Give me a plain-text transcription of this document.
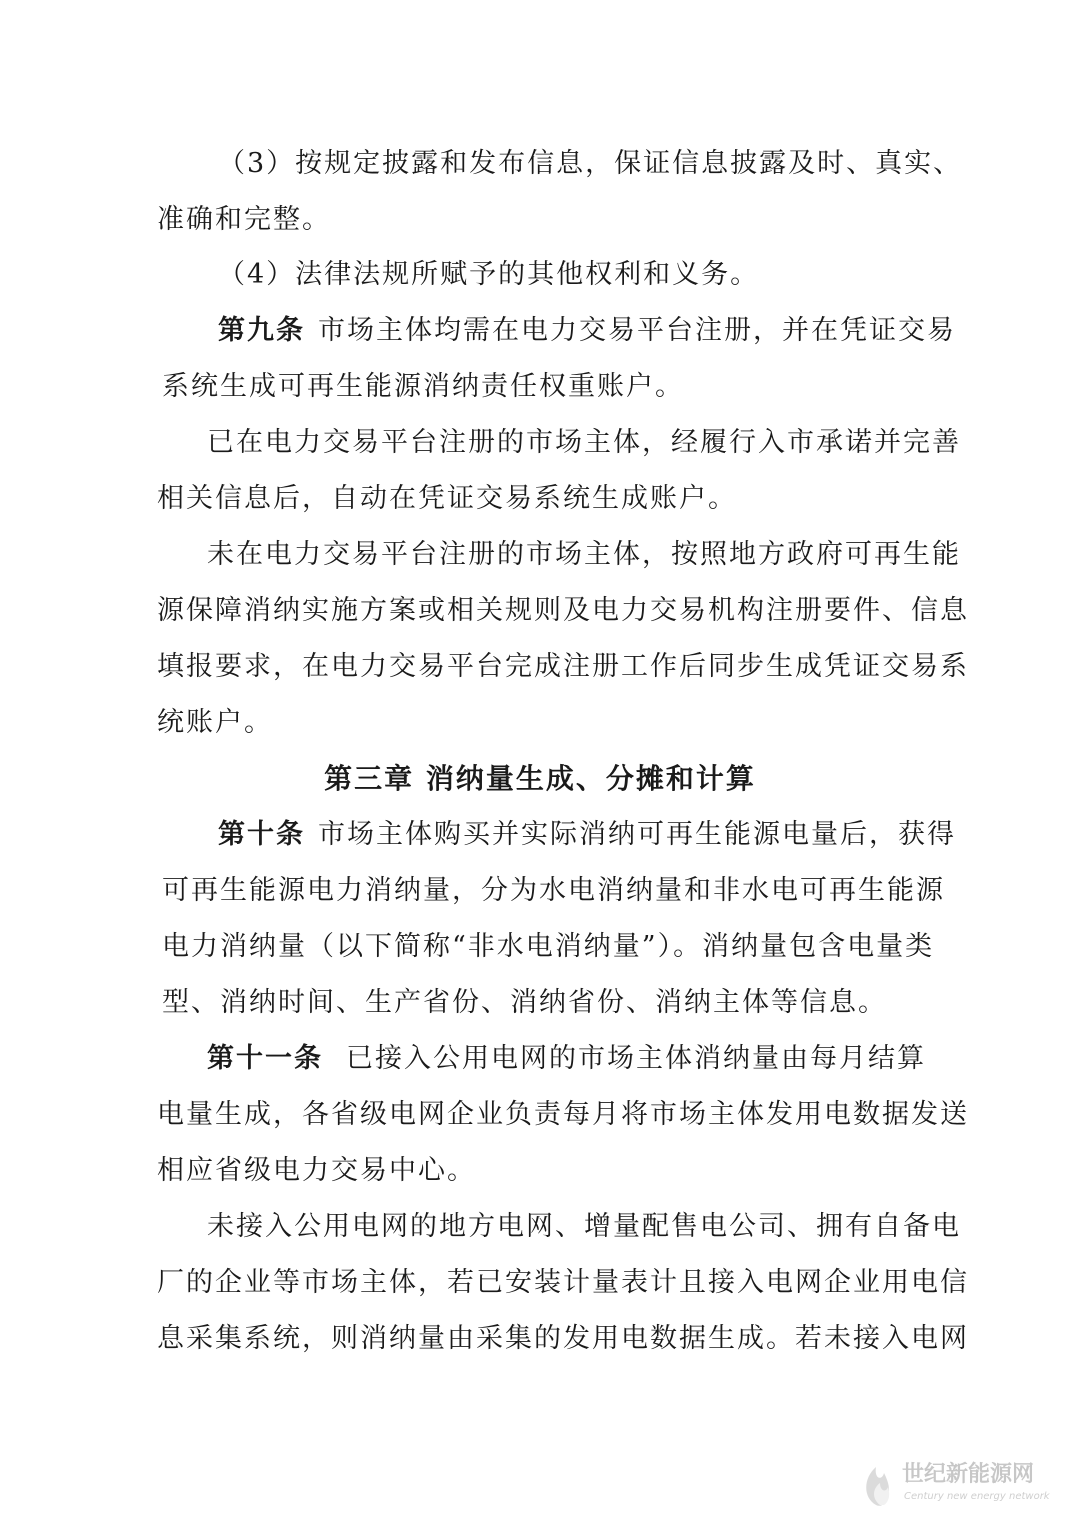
（3）按规定披露和发布信息，保证信息披露及时、真实、
准确和完整。
（4）法律法规所赋予的其他权利和义务。
第九条 市场主体均需在电力交易平台注册，并在凭证交易
系统生成可再生能源消纳责任权重账户。
已在电力交易平台注册的市场主体，经履行入市承诺并完善
相关信息后，自动在凭证交易系统生成账户。
未在电力交易平台注册的市场主体，按照地方政府可再生能
源保障消纳实施方案或相关规则及电力交易机构注册要件、信息
填报要求，在电力交易平台完成注册工作后同步生成凭证交易系
统账户。
第三章 消纳量生成、分摊和计算
第十条 市场主体购买并实际消纳可再生能源电量后，获得
可再生能源电力消纳量，分为水电消纳量和非水电可再生能源
电力消纳量（以下简称“非水电消纳量”）。消纳量包含电量类
型、消纳时间、生产省份、消纳省份、消纳主体等信息。
第十一条 已接入公用电网的市场主体消纳量由每月结算
电量生成，各省级电网企业负责每月将市场主体发用电数据发送
相应省级电力交易中心。
未接入公用电网的地方电网、增量配售电公司、拥有自备电
厂的企业等市场主体，若已安装计量表计且接入电网企业用电信
息采集系统，则消纳量由采集的发用电数据生成。若未接入电网
世纪新能源网
Century new energy network
